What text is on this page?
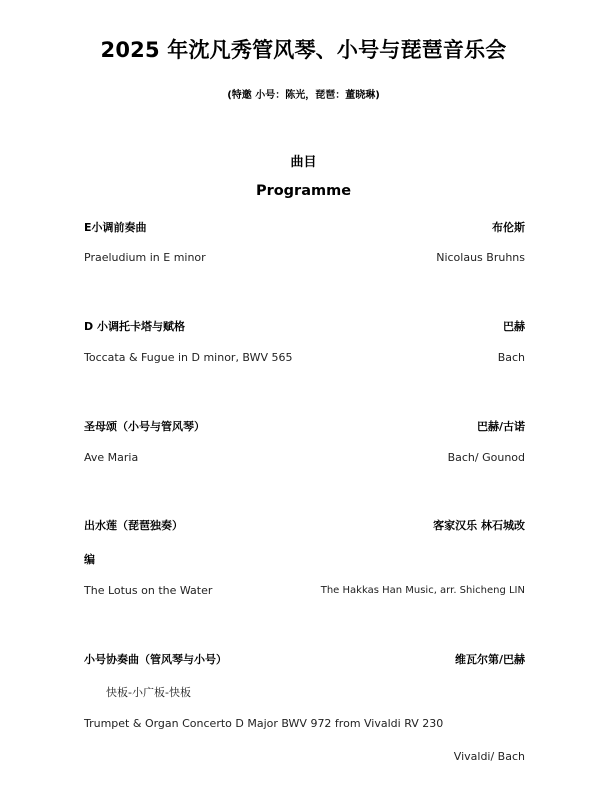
2025 年沈凡秀管风琴、小号与琵琶音乐会
(特邀 小号：陈光，琵琶：董晓琳)
曲目
Programme
E小调前奏曲	布伦斯
Praeludium in E minor	Nicolaus Bruhns
D 小调托卡塔与赋格	巴赫
Toccata & Fugue in D minor, BWV 565	Bach
圣母颂（小号与管风琴）	巴赫/古诺
Ave Maria	Bach/ Gounod
出水莲（琵琶独奏）	客家汉乐 林石城改
编
The Lotus on the Water	The Hakkas Han Music, arr. Shicheng LIN
小号协奏曲（管风琴与小号）	维瓦尔第/巴赫
快板-小广板-快板
Trumpet & Organ Concerto D Major BWV 972 from Vivaldi RV 230
Vivaldi/ Bach
